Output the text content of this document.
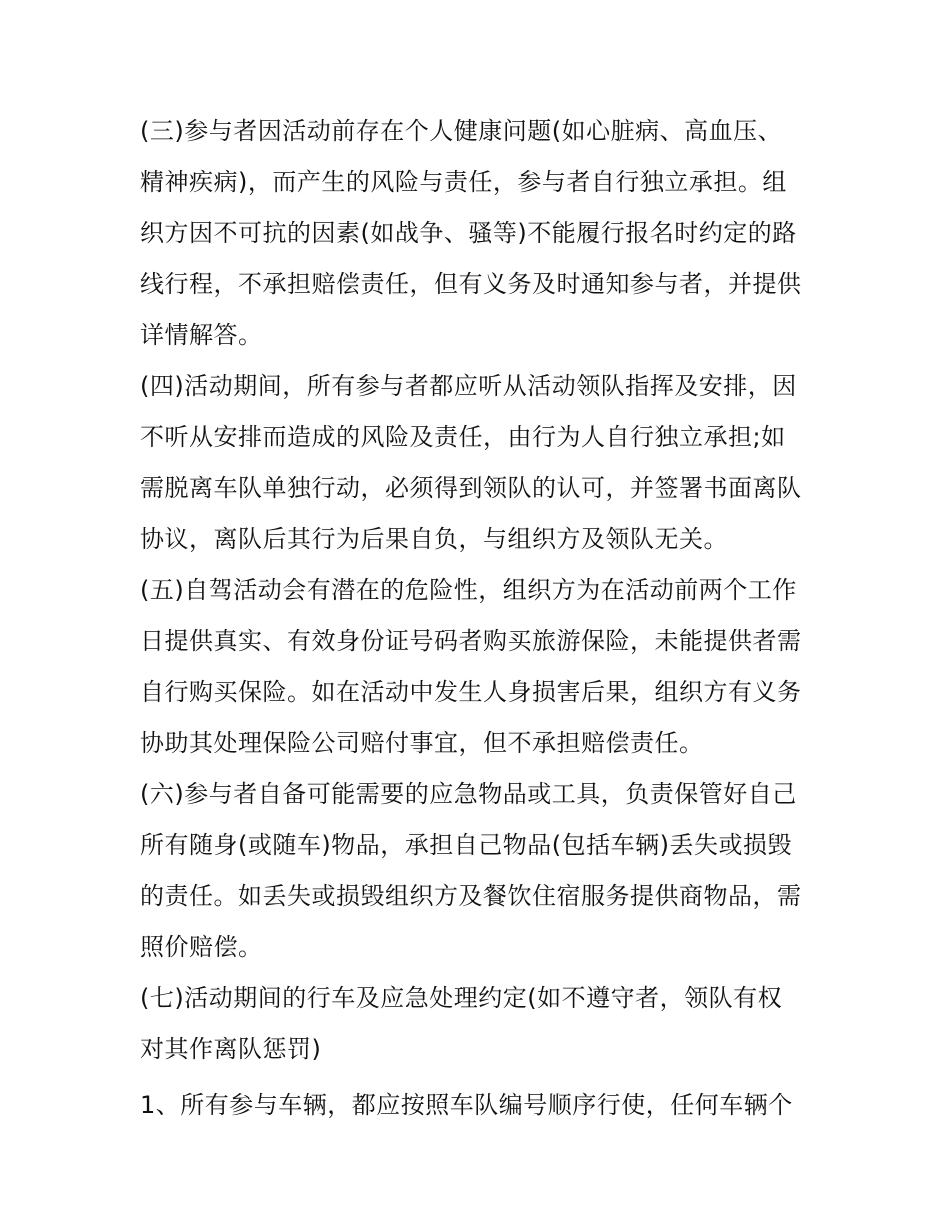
(三)参与者因活动前存在个人健康问题(如心脏病、高血压、
精神疾病)，而产生的风险与责任，参与者自行独立承担。组
织方因不可抗的因素(如战争、骚等)不能履行报名时约定的路
线行程，不承担赔偿责任，但有义务及时通知参与者，并提供
详情解答。
(四)活动期间，所有参与者都应听从活动领队指挥及安排，因
不听从安排而造成的风险及责任，由行为人自行独立承担;如
需脱离车队单独行动，必须得到领队的认可，并签署书面离队
协议，离队后其行为后果自负，与组织方及领队无关。
(五)自驾活动会有潜在的危险性，组织方为在活动前两个工作
日提供真实、有效身份证号码者购买旅游保险，未能提供者需
自行购买保险。如在活动中发生人身损害后果，组织方有义务
协助其处理保险公司赔付事宜，但不承担赔偿责任。
(六)参与者自备可能需要的应急物品或工具，负责保管好自己
所有随身(或随车)物品，承担自己物品(包括车辆)丢失或损毁
的责任。如丢失或损毁组织方及餐饮住宿服务提供商物品，需
照价赔偿。
(七)活动期间的行车及应急处理约定(如不遵守者，领队有权
对其作离队惩罚)
1、所有参与车辆，都应按照车队编号顺序行使，任何车辆个
